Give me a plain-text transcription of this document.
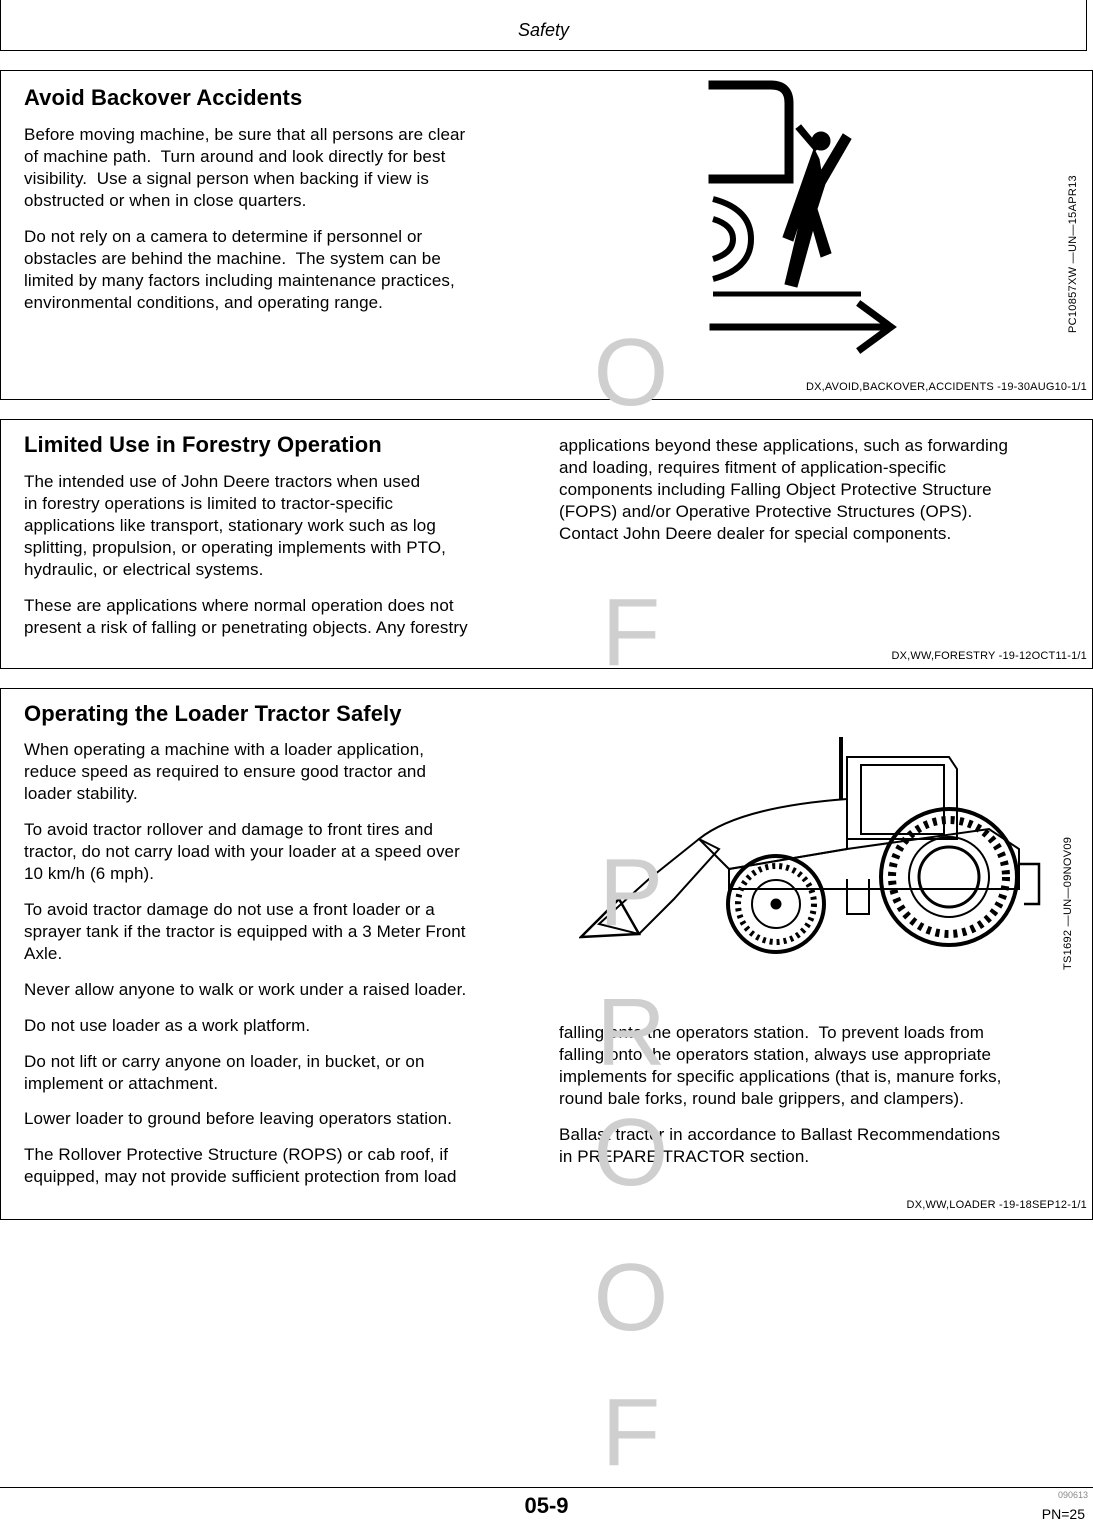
Safety
Avoid Backover Accidents
Before moving machine, be sure that all persons are clear
of machine path.  Turn around and look directly for best
visibility.  Use a signal person when backing if view is
obstructed or when in close quarters.
Do not rely on a camera to determine if personnel or
obstacles are behind the machine.  The system can be
limited by many factors including maintenance practices,
environmental conditions, and operating range.	PC10857XW —UN—15APR13
DX,AVOID,BACKOVER,ACCIDENTS -19-30AUG10-1/1
Limited Use in Forestry Operation
The intended use of John Deere tractors when used
in forestry operations is limited to tractor-specific
applications like transport, stationary work such as log
splitting, propulsion, or operating implements with PTO,
hydraulic, or electrical systems.
These are applications where normal operation does not
present a risk of falling or penetrating objects. Any forestry
applications beyond these applications, such as forwarding
and loading, requires fitment of application-specific
components including Falling Object Protective Structure
(FOPS) and/or Operative Protective Structures (OPS).
Contact John Deere dealer for special components.
DX,WW,FORESTRY -19-12OCT11-1/1
Operating the Loader Tractor Safely
When operating a machine with a loader application,
reduce speed as required to ensure good tractor and
loader stability.
To avoid tractor rollover and damage to front tires and
tractor, do not carry load with your loader at a speed over
10 km/h (6 mph).
To avoid tractor damage do not use a front loader or a
sprayer tank if the tractor is equipped with a 3 Meter Front
Axle.
Never allow anyone to walk or work under a raised loader.
Do not use loader as a work platform.
Do not lift or carry anyone on loader, in bucket, or on
implement or attachment.
Lower loader to ground before leaving operators station.
The Rollover Protective Structure (ROPS) or cab roof, if
equipped, may not provide sufficient protection from load
falling onto the operators station.  To prevent loads from
falling onto the operators station, always use appropriate
implements for specific applications (that is, manure forks,
round bale forks, round bale grippers, and clampers).
Ballast tractor in accordance to Ballast Recommendations
in PREPARE TRACTOR section.
TS1692 —UN—09NOV09
DX,WW,LOADER -19-18SEP12-1/1
O
F
P
R
O
O
F
05-9	090613
PN=25
